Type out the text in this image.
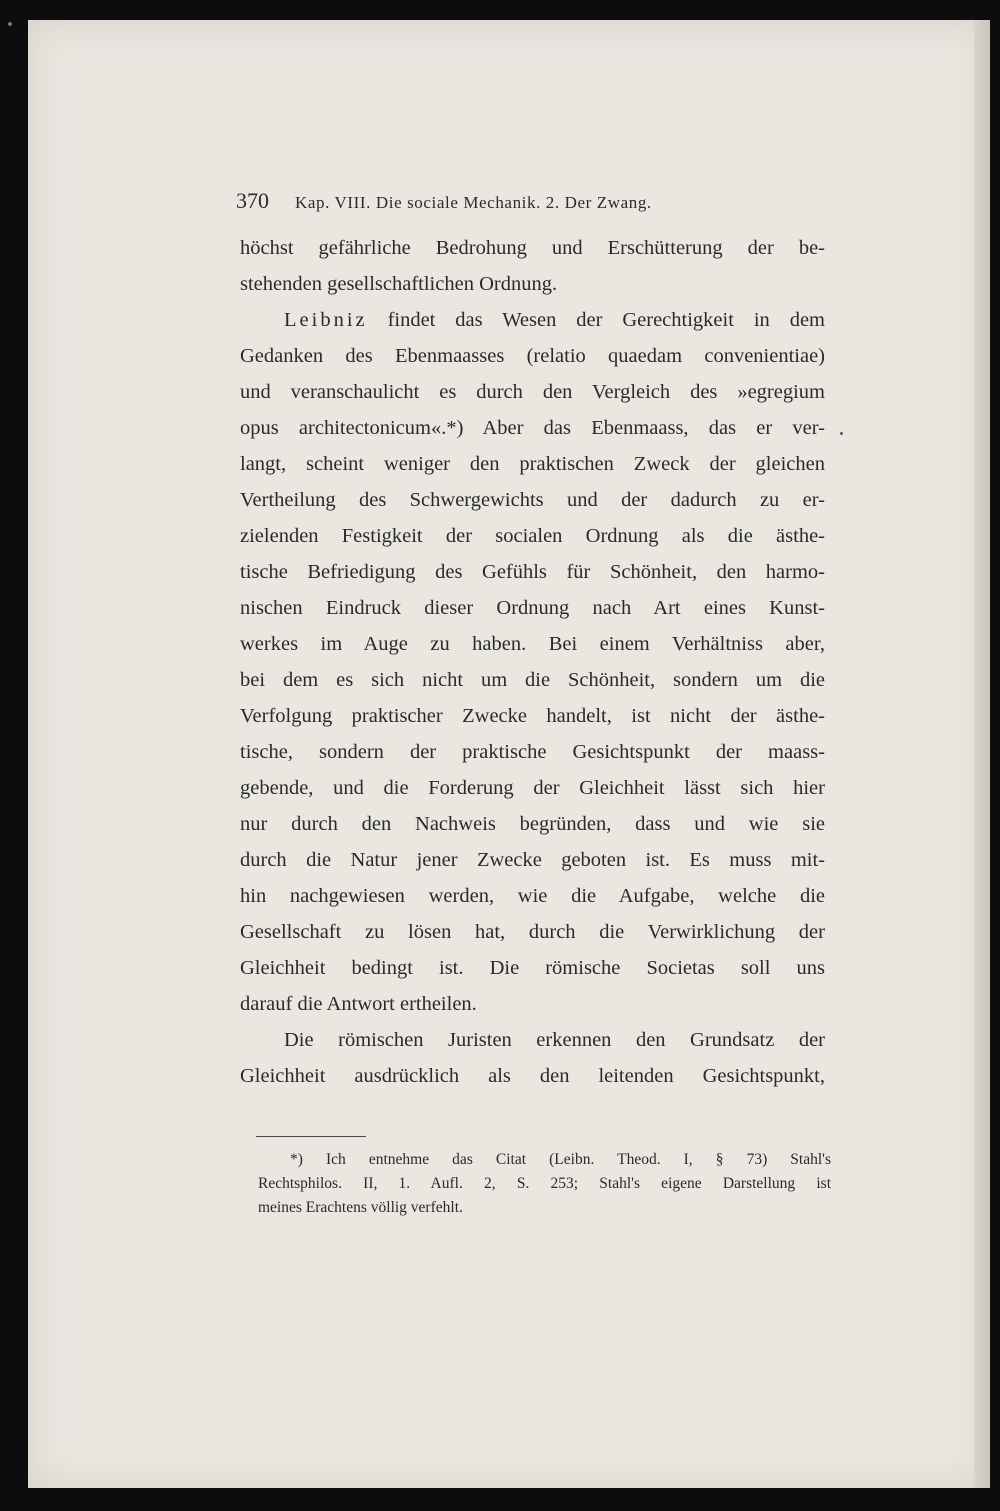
370 Kap. VIII. Die sociale Mechanik. 2. Der Zwang.
höchst gefährliche Bedrohung und Erschütterung der be-
stehenden gesellschaftlichen Ordnung.
Leibniz findet das Wesen der Gerechtigkeit in dem
Gedanken des Ebenmaasses (relatio quaedam convenientiae)
und veranschaulicht es durch den Vergleich des »egregium
opus architectonicum«.*) Aber das Ebenmaass, das er ver-
langt, scheint weniger den praktischen Zweck der gleichen
Vertheilung des Schwergewichts und der dadurch zu er-
zielenden Festigkeit der socialen Ordnung als die ästhe-
tische Befriedigung des Gefühls für Schönheit, den harmo-
nischen Eindruck dieser Ordnung nach Art eines Kunst-
werkes im Auge zu haben. Bei einem Verhältniss aber,
bei dem es sich nicht um die Schönheit, sondern um die
Verfolgung praktischer Zwecke handelt, ist nicht der ästhe-
tische, sondern der praktische Gesichtspunkt der maass-
gebende, und die Forderung der Gleichheit lässt sich hier
nur durch den Nachweis begründen, dass und wie sie
durch die Natur jener Zwecke geboten ist. Es muss mit-
hin nachgewiesen werden, wie die Aufgabe, welche die
Gesellschaft zu lösen hat, durch die Verwirklichung der
Gleichheit bedingt ist. Die römische Societas soll uns
darauf die Antwort ertheilen.
Die römischen Juristen erkennen den Grundsatz der
Gleichheit ausdrücklich als den leitenden Gesichtspunkt,
*) Ich entnehme das Citat (Leibn. Theod. I, § 73) Stahl's
Rechtsphilos. II, 1. Aufl. 2, S. 253; Stahl's eigene Darstellung ist
meines Erachtens völlig verfehlt.
